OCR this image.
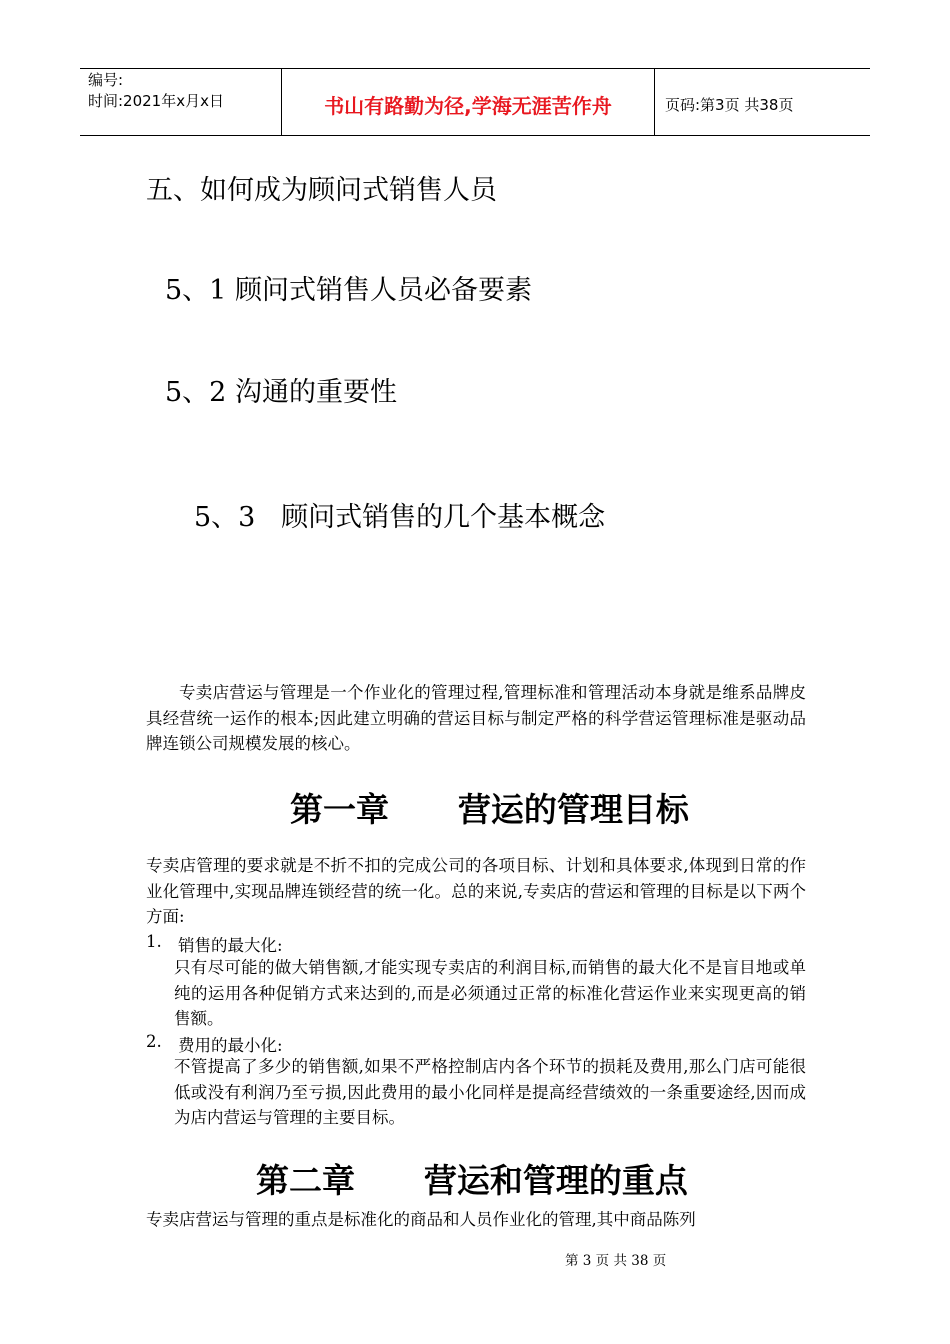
编号:
时间:2021年x月x日	书山有路勤为径,学海无涯苦作舟	页码:第3页 共38页
五、如何成为顾问式销售人员
5、1 顾问式销售人员必备要素
5、2 沟通的重要性
5、3   顾问式销售的几个基本概念
专卖店营运与管理是一个作业化的管理过程,管理标准和管理活动本身就是维系品牌皮具经营统一运作的根本;因此建立明确的营运目标与制定严格的科学营运管理标准是驱动品牌连锁公司规模发展的核心。
第一章      营运的管理目标
专卖店管理的要求就是不折不扣的完成公司的各项目标、计划和具体要求,体现到日常的作业化管理中,实现品牌连锁经营的统一化。总的来说,专卖店的营运和管理的目标是以下两个方面:
1. 销售的最大化:
只有尽可能的做大销售额,才能实现专卖店的利润目标,而销售的最大化不是盲目地或单纯的运用各种促销方式来达到的,而是必须通过正常的标准化营运作业来实现更高的销售额。
2. 费用的最小化:
不管提高了多少的销售额,如果不严格控制店内各个环节的损耗及费用,那么门店可能很低或没有利润乃至亏损,因此费用的最小化同样是提高经营绩效的一条重要途经,因而成为店内营运与管理的主要目标。
第二章      营运和管理的重点
专卖店营运与管理的重点是标准化的商品和人员作业化的管理,其中商品陈列
第 3 页 共 38 页
